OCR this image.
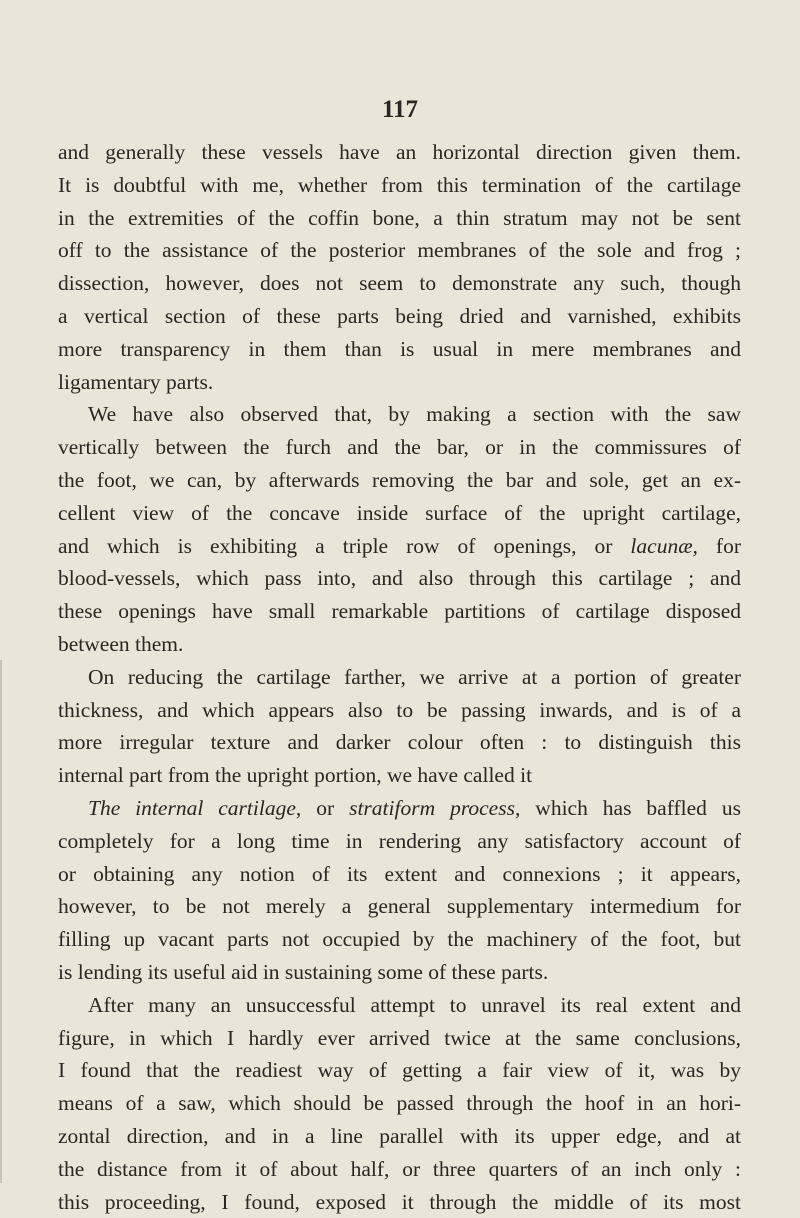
117
and generally these vessels have an horizontal direction given them.
It is doubtful with me, whether from this termination of the cartilage
in the extremities of the coffin bone, a thin stratum may not be sent
off to the assistance of the posterior membranes of the sole and frog ;
dissection, however, does not seem to demonstrate any such, though
a vertical section of these parts being dried and varnished, exhibits
more transparency in them than is usual in mere membranes and
ligamentary parts.
We have also observed that, by making a section with the saw
vertically between the furch and the bar, or in the commissures of
the foot, we can, by afterwards removing the bar and sole, get an ex-
cellent view of the concave inside surface of the upright cartilage,
and which is exhibiting a triple row of openings, or lacunæ, for
blood-vessels, which pass into, and also through this cartilage ; and
these openings have small remarkable partitions of cartilage disposed
between them.
On reducing the cartilage farther, we arrive at a portion of greater
thickness, and which appears also to be passing inwards, and is of a
more irregular texture and darker colour often : to distinguish this
internal part from the upright portion, we have called it
The internal cartilage, or stratiform process, which has baffled us
completely for a long time in rendering any satisfactory account of
or obtaining any notion of its extent and connexions ; it appears,
however, to be not merely a general supplementary intermedium for
filling up vacant parts not occupied by the machinery of the foot, but
is lending its useful aid in sustaining some of these parts.
After many an unsuccessful attempt to unravel its real extent and
figure, in which I hardly ever arrived twice at the same conclusions,
I found that the readiest way of getting a fair view of it, was by
means of a saw, which should be passed through the hoof in an hori-
zontal direction, and in a line parallel with its upper edge, and at
the distance from it of about half, or three quarters of an inch only :
this proceeding, I found, exposed it through the middle of its most
